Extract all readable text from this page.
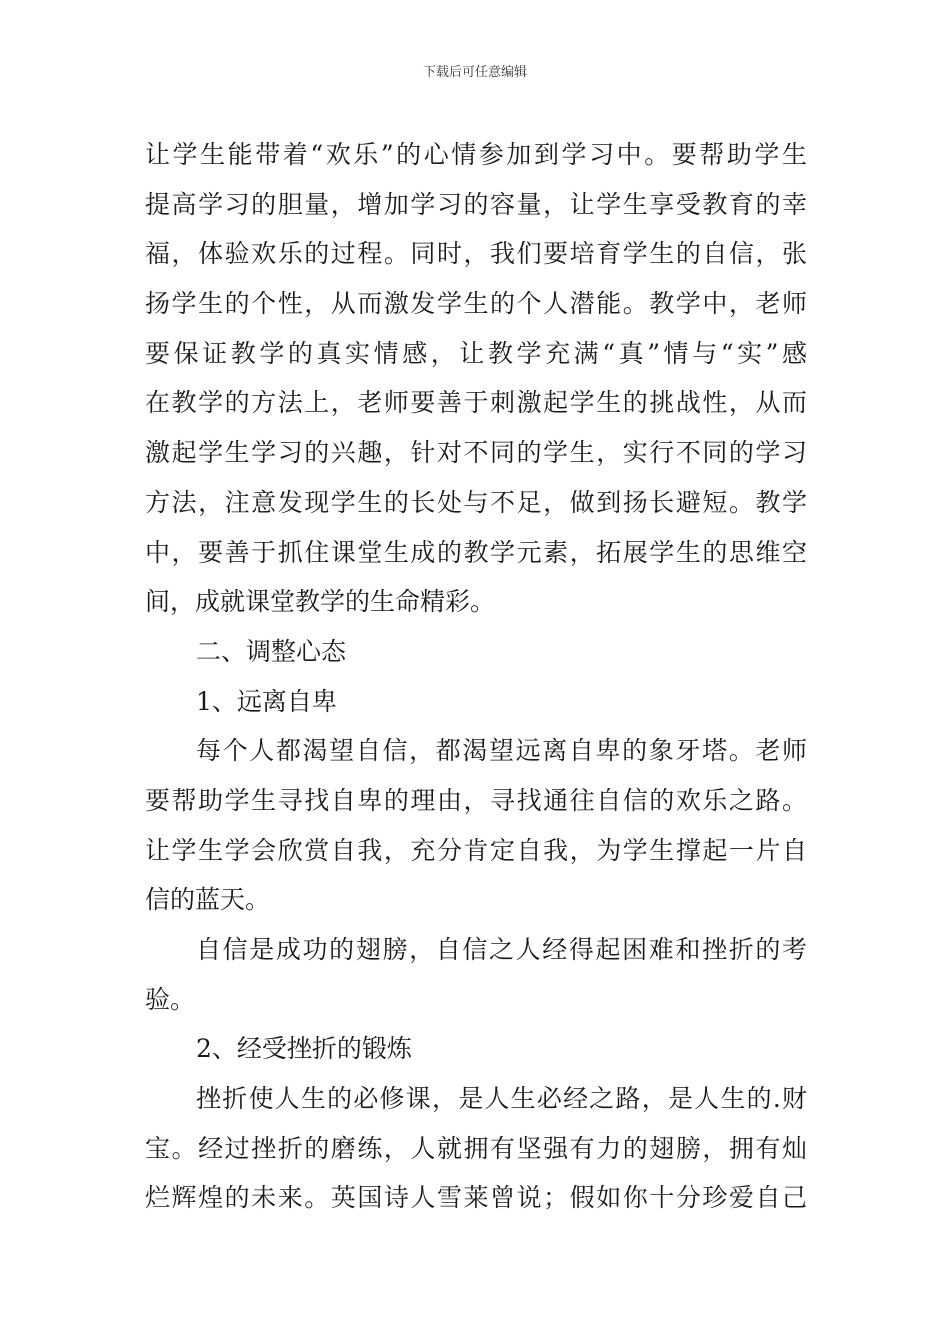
下载后可任意编辑
让学生能带着“欢乐”的心情参加到学习中。要帮助学生
提高学习的胆量，增加学习的容量，让学生享受教育的幸
福，体验欢乐的过程。同时，我们要培育学生的自信，张
扬学生的个性，从而激发学生的个人潜能。教学中，老师
要保证教学的真实情感，让教学充满“真”情与“实”感
在教学的方法上，老师要善于刺激起学生的挑战性，从而
激起学生学习的兴趣，针对不同的学生，实行不同的学习
方法，注意发现学生的长处与不足，做到扬长避短。教学
中，要善于抓住课堂生成的教学元素，拓展学生的思维空
间，成就课堂教学的生命精彩。
二、调整心态
1、远离自卑
每个人都渴望自信，都渴望远离自卑的象牙塔。老师
要帮助学生寻找自卑的理由，寻找通往自信的欢乐之路。
让学生学会欣赏自我，充分肯定自我，为学生撑起一片自
信的蓝天。
自信是成功的翅膀，自信之人经得起困难和挫折的考
验。
2、经受挫折的锻炼
挫折使人生的必修课，是人生必经之路，是人生的.财
宝。经过挫折的磨练，人就拥有坚强有力的翅膀，拥有灿
烂辉煌的未来。英国诗人雪莱曾说；假如你十分珍爱自己
